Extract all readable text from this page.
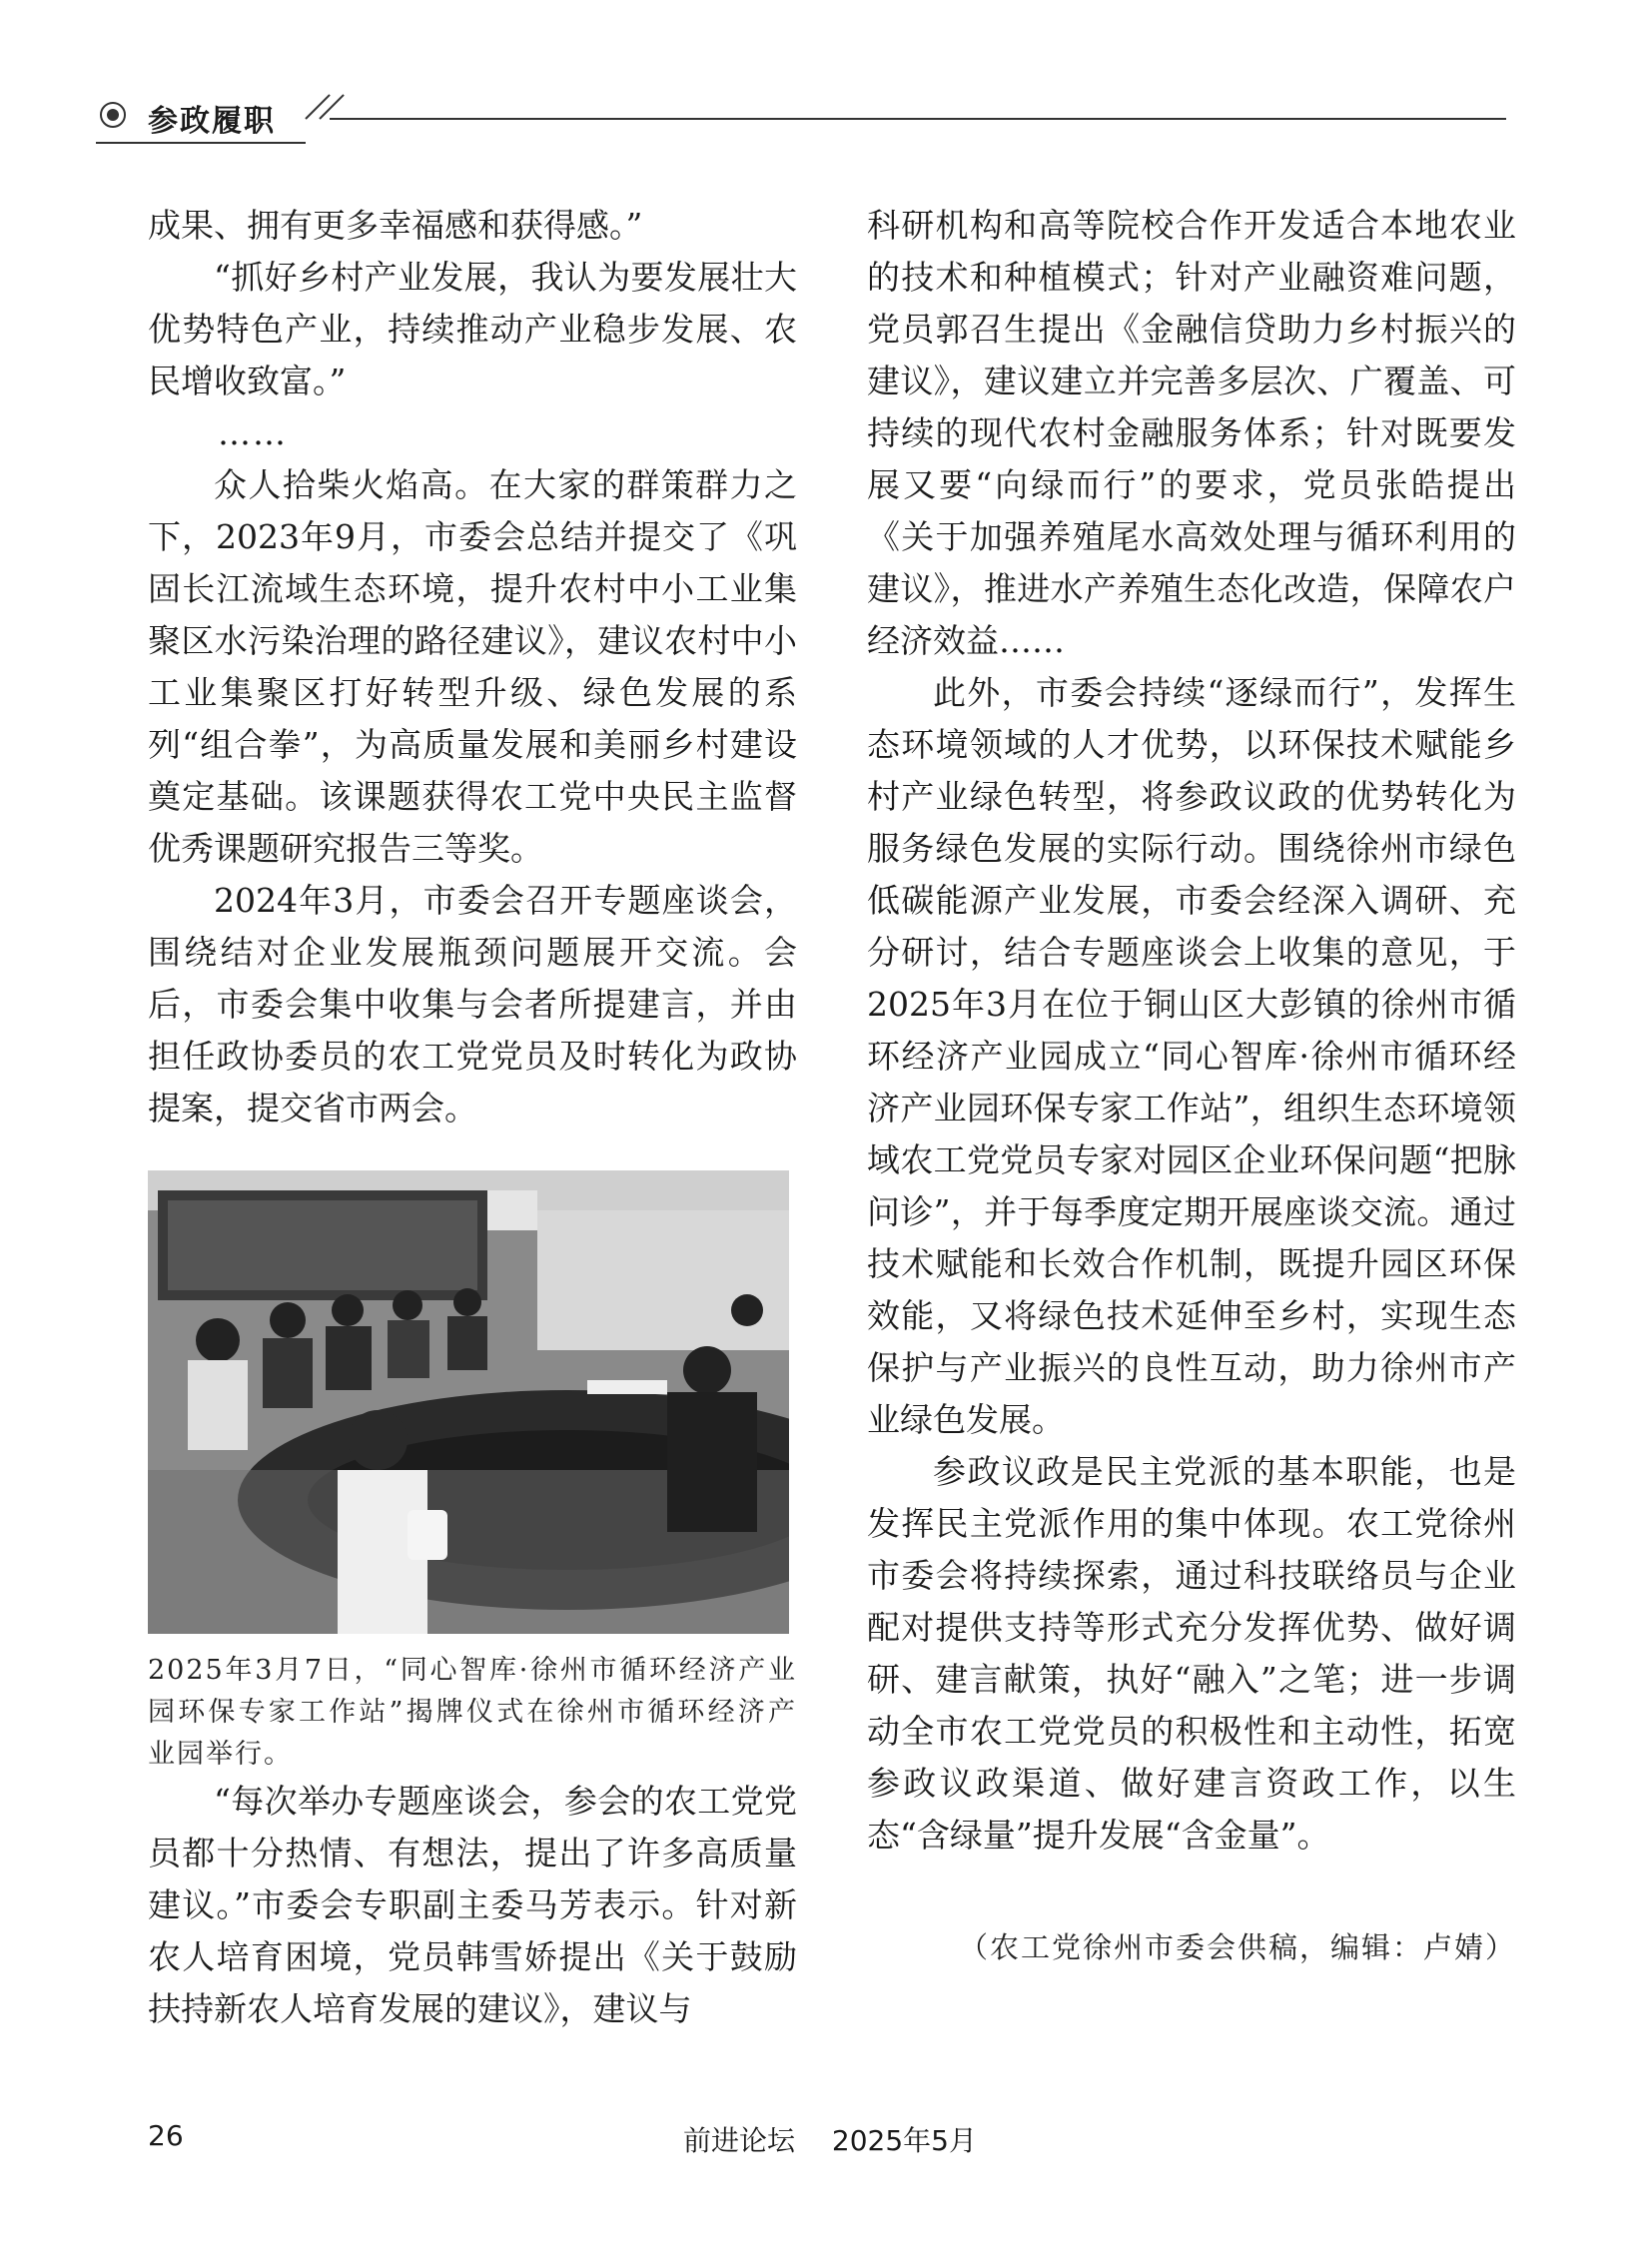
参政履职

成果、拥有更多幸福感和获得感。”

“抓好乡村产业发展，我认为要发展壮大优势特色产业，持续推动产业稳步发展、农民增收致富。”

……

众人拾柴火焰高。在大家的群策群力之下，2023年9月，市委会总结并提交了《巩固长江流域生态环境，提升农村中小工业集聚区水污染治理的路径建议》，建议农村中小工业集聚区打好转型升级、绿色发展的系列“组合拳”，为高质量发展和美丽乡村建设奠定基础。该课题获得农工党中央民主监督优秀课题研究报告三等奖。

2024年3月，市委会召开专题座谈会，围绕结对企业发展瓶颈问题展开交流。会后，市委会集中收集与会者所提建言，并由担任政协委员的农工党党员及时转化为政协提案，提交省市两会。

2025年3月7日，“同心智库·徐州市循环经济产业园环保专家工作站”揭牌仪式在徐州市循环经济产业园举行。

“每次举办专题座谈会，参会的农工党党员都十分热情、有想法，提出了许多高质量建议。”市委会专职副主委马芳表示。针对新农人培育困境，党员韩雪娇提出《关于鼓励扶持新农人培育发展的建议》，建议与

科研机构和高等院校合作开发适合本地农业的技术和种植模式；针对产业融资难问题，党员郭召生提出《金融信贷助力乡村振兴的建议》，建议建立并完善多层次、广覆盖、可持续的现代农村金融服务体系；针对既要发展又要“向绿而行”的要求，党员张皓提出《关于加强养殖尾水高效处理与循环利用的建议》，推进水产养殖生态化改造，保障农户经济效益……

此外，市委会持续“逐绿而行”，发挥生态环境领域的人才优势，以环保技术赋能乡村产业绿色转型，将参政议政的优势转化为服务绿色发展的实际行动。围绕徐州市绿色低碳能源产业发展，市委会经深入调研、充分研讨，结合专题座谈会上收集的意见，于2025年3月在位于铜山区大彭镇的徐州市循环经济产业园成立“同心智库·徐州市循环经济产业园环保专家工作站”，组织生态环境领域农工党党员专家对园区企业环保问题“把脉问诊”，并于每季度定期开展座谈交流。通过技术赋能和长效合作机制，既提升园区环保效能，又将绿色技术延伸至乡村，实现生态保护与产业振兴的良性互动，助力徐州市产业绿色发展。

参政议政是民主党派的基本职能，也是发挥民主党派作用的集中体现。农工党徐州市委会将持续探索，通过科技联络员与企业配对提供支持等形式充分发挥优势、做好调研、建言献策，执好“融入”之笔；进一步调动全市农工党党员的积极性和主动性，拓宽参政议政渠道、做好建言资政工作，以生态“含绿量”提升发展“含金量”。

（农工党徐州市委会供稿，编辑：卢婧）
26	前进论坛　 2025年5月
